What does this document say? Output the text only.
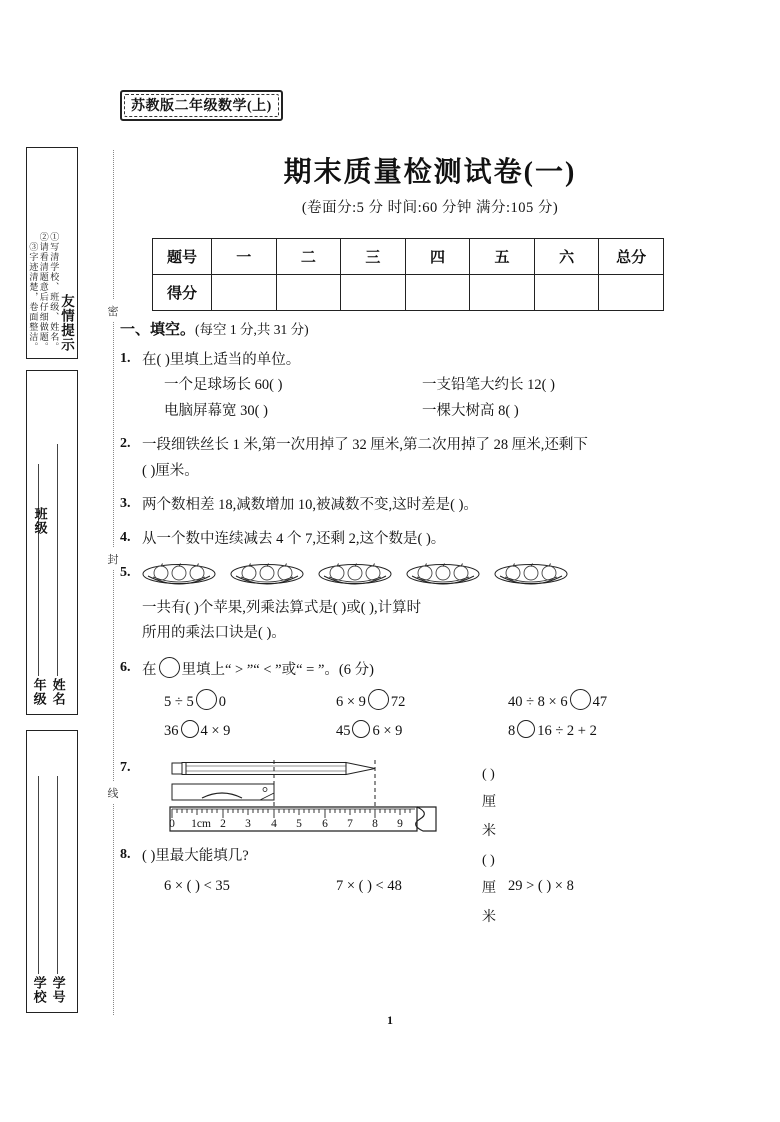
友情提示
①写清学校、班级、姓名。
②请看清题意后仔细做题。
③字迹清楚，卷面整洁。
年级 姓名
班级
学校 学号
密
封
线
苏教版二年级数学(上)
期末质量检测试卷(一)
(卷面分:5 分 时间:60 分钟 满分:105 分)
题号	一	二	三	四	五	六	总分
得分							
一、填空。(每空 1 分,共 31 分)
1. 在( )里填上适当的单位。
一个足球场长 60( )	一支铅笔大约长 12( )
电脑屏幕宽 30( )	一棵大树高 8( )
2. 一段细铁丝长 1 米,第一次用掉了 32 厘米,第二次用掉了 28 厘米,还剩下
( )厘米。
3. 两个数相差 18,减数增加 10,被减数不变,这时差是( )。
4. 从一个数中连续减去 4 个 7,还剩 2,这个数是( )。
5.
一共有( )个苹果,列乘法算式是( )或( ),计算时
所用的乘法口诀是( )。
6. 在 里填上“ > ”“ < ”或“ = ”。(6 分)
5 ÷ 5 0	6 × 9 72	40 ÷ 8 × 6 47
36 4 × 9	45 6 × 9	8 16 ÷ 2 + 2
7.
0 1cm 2 3 4 5 6 7 8 9
( )厘米
( )厘米
8. ( )里最大能填几?
6 × ( ) < 35	7 × ( ) < 48	29 > ( ) × 8
1
